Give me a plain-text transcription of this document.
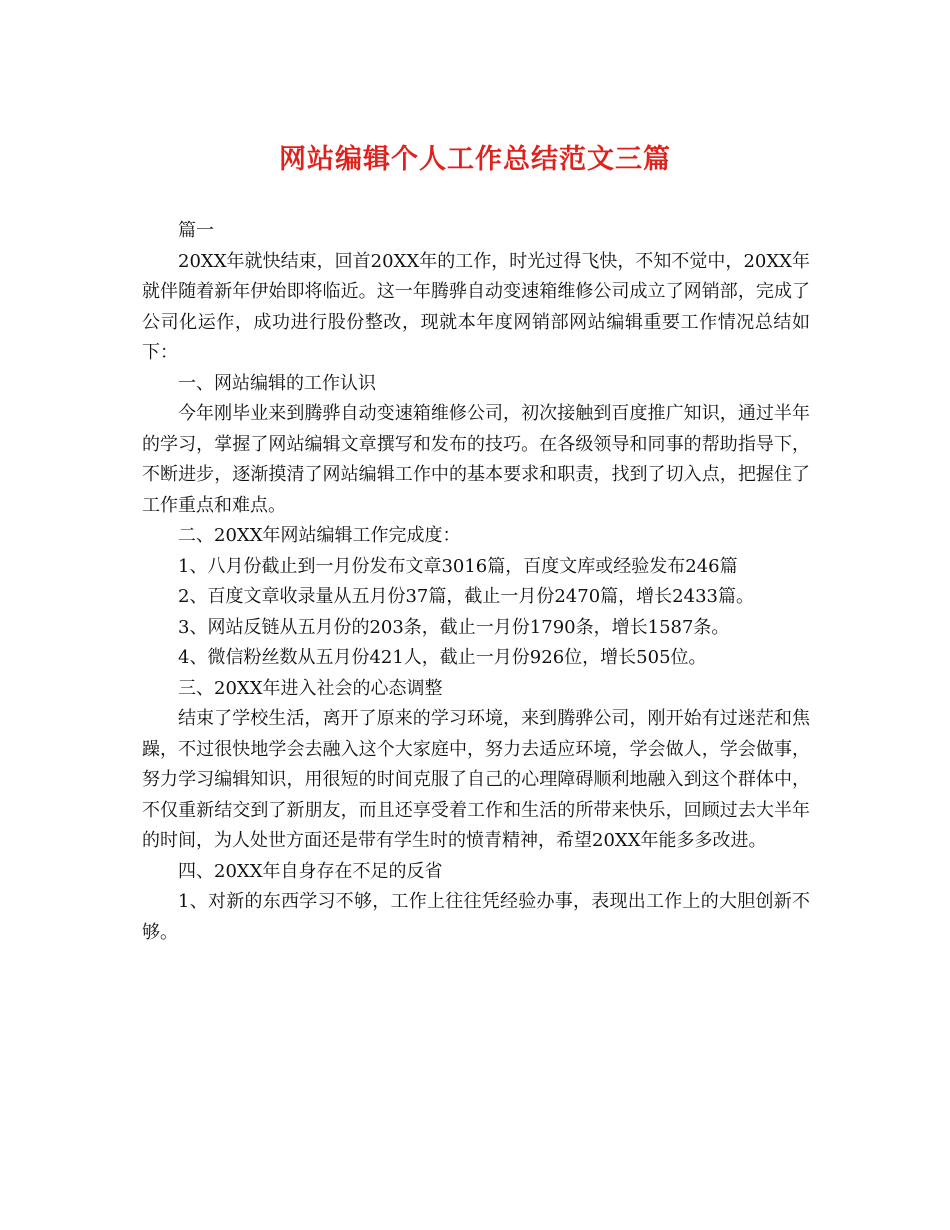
网站编辑个人工作总结范文三篇

篇一

20XX年就快结束，回首20XX年的工作，时光过得飞快，不知不觉中，20XX年就伴随着新年伊始即将临近。这一年腾骅自动变速箱维修公司成立了网销部，完成了公司化运作，成功进行股份整改，现就本年度网销部网站编辑重要工作情况总结如下：

一、网站编辑的工作认识

今年刚毕业来到腾骅自动变速箱维修公司，初次接触到百度推广知识，通过半年的学习，掌握了网站编辑文章撰写和发布的技巧。在各级领导和同事的帮助指导下，不断进步，逐渐摸清了网站编辑工作中的基本要求和职责，找到了切入点，把握住了工作重点和难点。

二、20XX年网站编辑工作完成度：

1、八月份截止到一月份发布文章3016篇，百度文库或经验发布246篇

2、百度文章收录量从五月份37篇，截止一月份2470篇，增长2433篇。

3、网站反链从五月份的203条，截止一月份1790条，增长1587条。

4、微信粉丝数从五月份421人，截止一月份926位，增长505位。

三、20XX年进入社会的心态调整

结束了学校生活，离开了原来的学习环境，来到腾骅公司，刚开始有过迷茫和焦躁，不过很快地学会去融入这个大家庭中，努力去适应环境，学会做人，学会做事，努力学习编辑知识，用很短的时间克服了自己的心理障碍顺利地融入到这个群体中，不仅重新结交到了新朋友，而且还享受着工作和生活的所带来快乐，回顾过去大半年的时间，为人处世方面还是带有学生时的愤青精神，希望20XX年能多多改进。

四、20XX年自身存在不足的反省

1、对新的东西学习不够，工作上往往凭经验办事，表现出工作上的大胆创新不够。
